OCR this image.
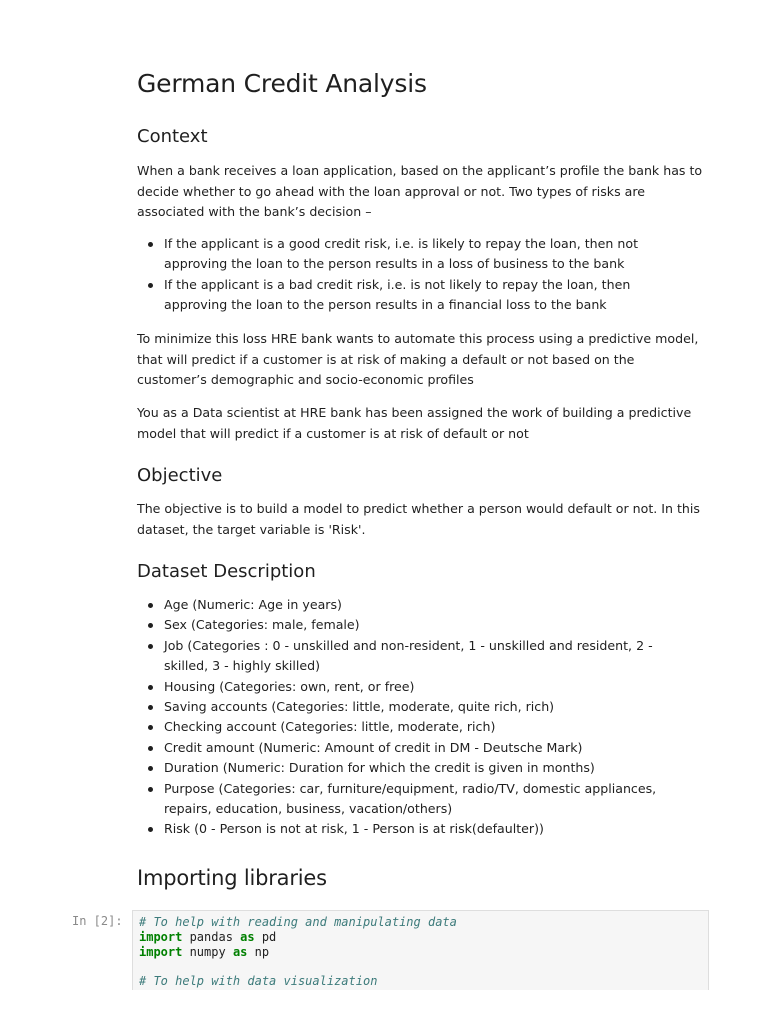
German Credit Analysis
Context

When a bank receives a loan application, based on the applicant’s profile the bank has to decide whether to go ahead with the loan approval or not. Two types of risks are associated with the bank’s decision –

If the applicant is a good credit risk, i.e. is likely to repay the loan, then not approving the loan to the person results in a loss of business to the bank
If the applicant is a bad credit risk, i.e. is not likely to repay the loan, then approving the loan to the person results in a financial loss to the bank

To minimize this loss HRE bank wants to automate this process using a predictive model, that will predict if a customer is at risk of making a default or not based on the customer’s demographic and socio-economic profiles

You as a Data scientist at HRE bank has been assigned the work of building a predictive model that will predict if a customer is at risk of default or not

Objective

The objective is to build a model to predict whether a person would default or not. In this dataset, the target variable is 'Risk'.

Dataset Description
Age (Numeric: Age in years)
Sex (Categories: male, female)
Job (Categories : 0 - unskilled and non-resident, 1 - unskilled and resident, 2 - skilled, 3 - highly skilled)
Housing (Categories: own, rent, or free)
Saving accounts (Categories: little, moderate, quite rich, rich)
Checking account (Categories: little, moderate, rich)
Credit amount (Numeric: Amount of credit in DM - Deutsche Mark)
Duration (Numeric: Duration for which the credit is given in months)
Purpose (Categories: car, furniture/equipment, radio/TV, domestic appliances, repairs, education, business, vacation/others)
Risk (0 - Person is not at risk, 1 - Person is at risk(defaulter))
Importing libraries
In [2]: # To help with reading and manipulating data
import pandas as pd
import numpy as np
# To help with data visualization
